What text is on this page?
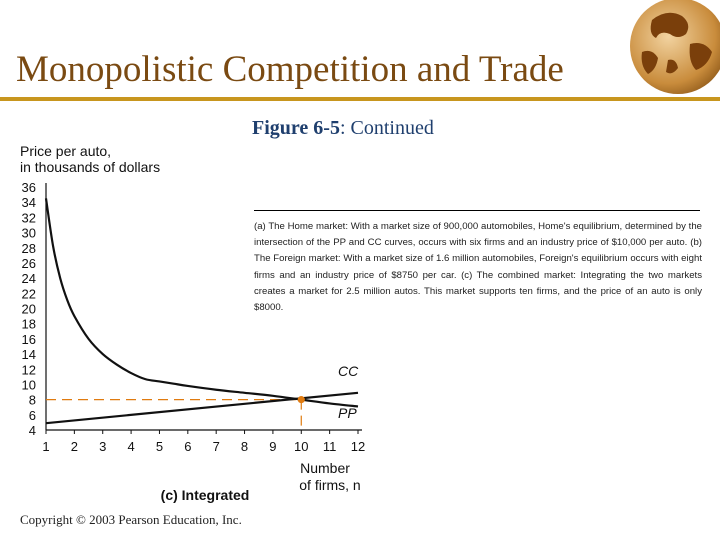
Monopolistic Competition and Trade
Figure 6-5: Continued
Price per auto,
in thousands of dollars
4
6
8
10
12
14
16
18
20
22
24
26
28
30
32
34
36
1 2 3 4 5 6 7 8 9 10 11 12
CC
PP
Number
of firms, n
(c) Integrated
(a) The Home market: With a market size of 900,000 automobiles, Home's equilibrium, determined by the intersection of the PP and CC curves, occurs with six firms and an industry price of $10,000 per auto. (b) The Foreign market: With a market size of 1.6 million automobiles, Foreign's equilibrium occurs with eight firms and an industry price of $8750 per car. (c) The combined market: Integrating the two markets creates a market for 2.5 million autos. This market supports ten firms, and the price of an auto is only $8000.
Copyright © 2003 Pearson Education, Inc.
